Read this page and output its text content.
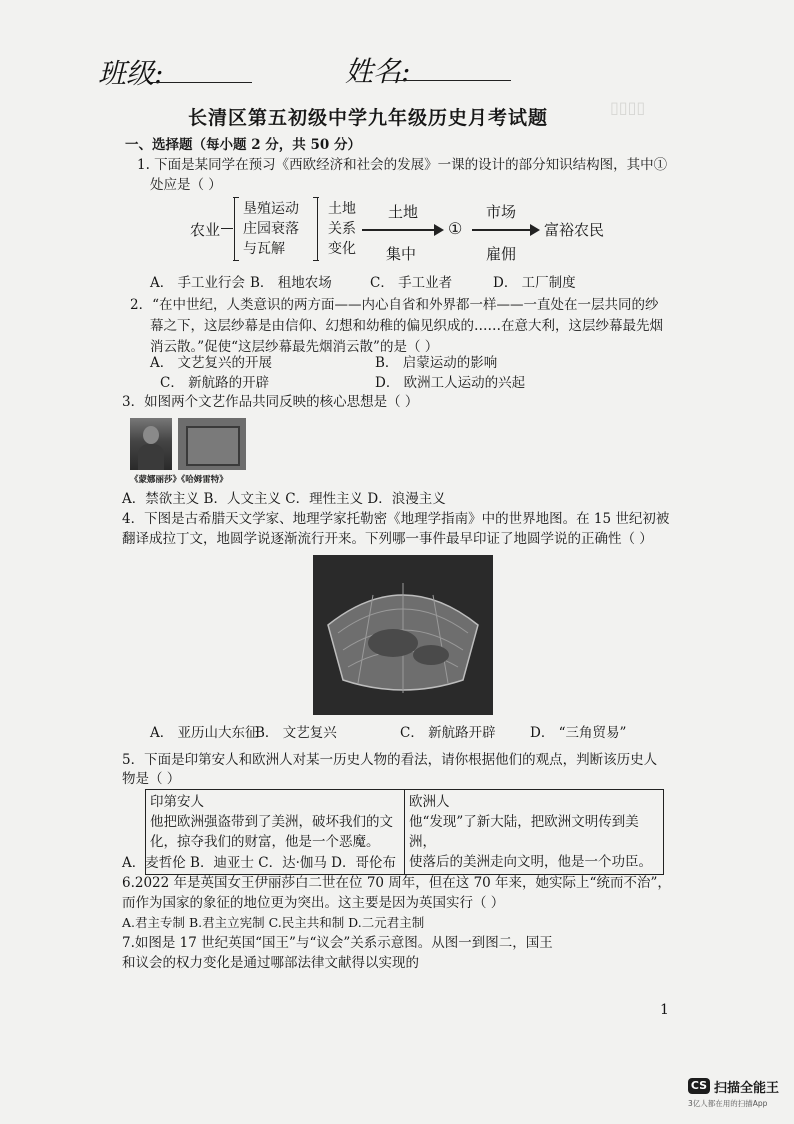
班级:	姓名:
▯▯▯▯
长清区第五初级中学九年级历史月考试题
一、选择题（每小题 2 分，共 50 分）
1. 下面是某同学在预习《西欧经济和社会的发展》一课的设计的部分知识结构图，其中①
处应是（ ）
农业
垦殖运动
庄园衰落
与瓦解
土地
关系
变化
土地
集中
①
市场
雇佣
富裕农民
A． 手工业行会 B． 租地农场	C． 手工业者	D． 工厂制度
2．“在中世纪，人类意识的两方面——内心自省和外界都一样——一直处在一层共同的纱
幕之下，这层纱幕是由信仰、幻想和幼稚的偏见织成的……在意大利，这层纱幕最先烟
消云散。”促使“这层纱幕最先烟消云散”的是（ ）
A． 文艺复兴的开展	B． 启蒙运动的影响
C． 新航路的开辟	D． 欧洲工人运动的兴起
3．如图两个文艺作品共同反映的核心思想是（ ）
《蒙娜丽莎》《哈姆雷特》
A．禁欲主义 B．人文主义 C．理性主义 D．浪漫主义
4．下图是古希腊天文学家、地理学家托勒密《地理学指南》中的世界地图。在 15 世纪初被
翻译成拉丁文，地圆学说逐渐流行开来。下列哪一事件最早印证了地圆学说的正确性（ ）
A． 亚历山大东征
B． 文艺复兴	C． 新航路开辟	D． “三角贸易”
5．下面是印第安人和欧洲人对某一历史人物的看法，请你根据他们的观点，判断该历史人
物是（ ）
印第安人
他把欧洲强盗带到了美洲，破坏我们的文
化，掠夺我们的财富，他是一个恶魔。

欧洲人
他“发现”了新大陆，把欧洲文明传到美洲，
使落后的美洲走向文明，他是一个功臣。
A．麦哲伦 B．迪亚士 C．达·伽马 D．哥伦布
6.2022 年是英国女王伊丽莎白二世在位 70 周年，但在这 70 年来，她实际上“统而不治”，
而作为国家的象征的地位更为突出。这主要是因为英国实行（ ）
A.君主专制 B.君主立宪制 C.民主共和制 D.二元君主制
7.如图是 17 世纪英国“国王”与“议会”关系示意图。从图一到图二，国王
和议会的权力变化是通过哪部法律文献得以实现的
1
CS 扫描全能王
3亿人都在用的扫描App
